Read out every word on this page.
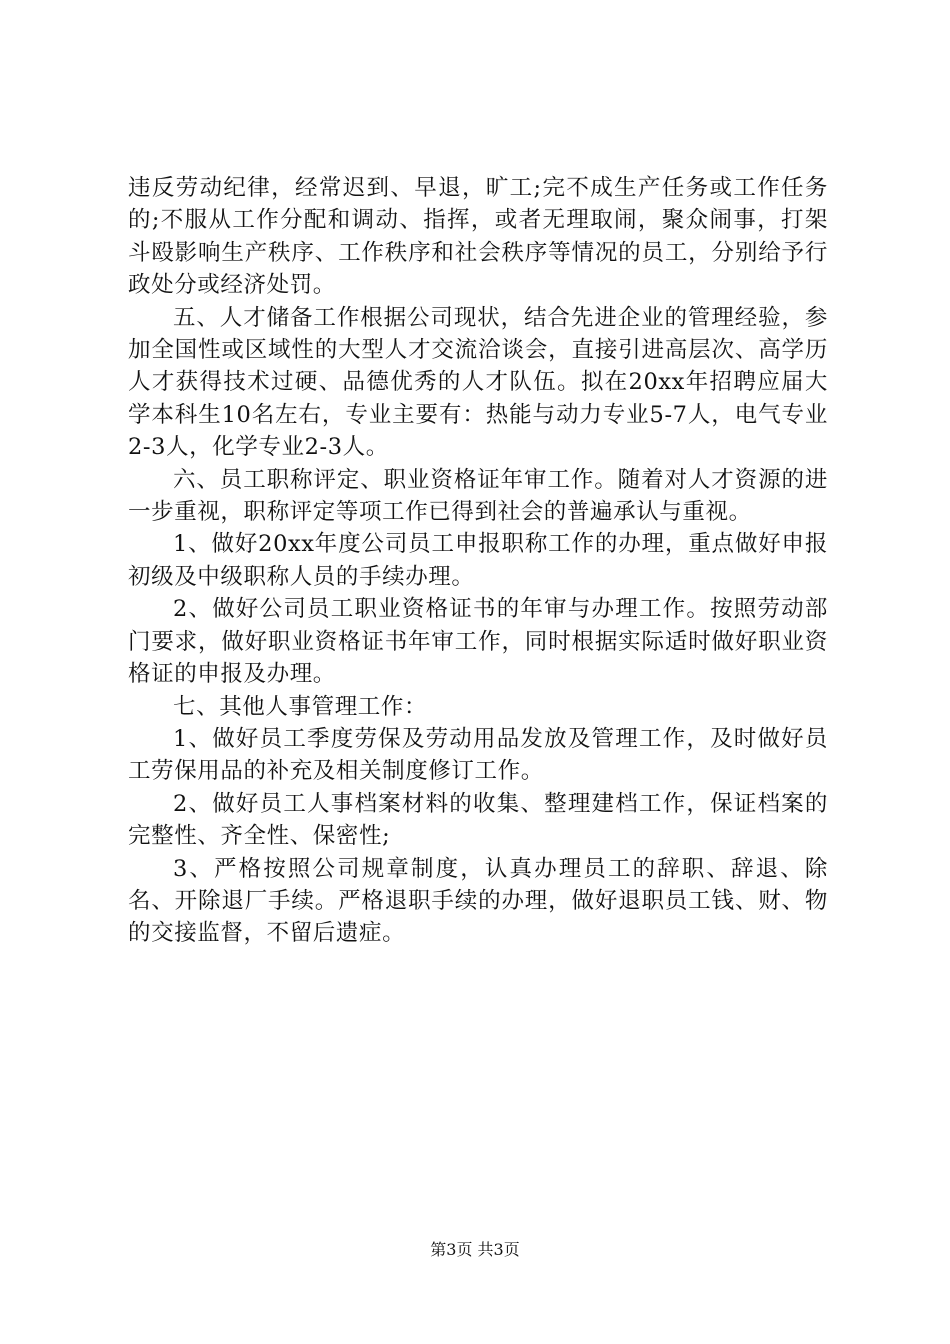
违反劳动纪律，经常迟到、早退，旷工;完不成生产任务或工作任务的;不服从工作分配和调动、指挥，或者无理取闹，聚众闹事，打架斗殴影响生产秩序、工作秩序和社会秩序等情况的员工，分别给予行政处分或经济处罚。

五、人才储备工作根据公司现状，结合先进企业的管理经验，参加全国性或区域性的大型人才交流洽谈会，直接引进高层次、高学历人才获得技术过硬、品德优秀的人才队伍。拟在20xx年招聘应届大学本科生10名左右，专业主要有：热能与动力专业5-7人，电气专业2-3人，化学专业2-3人。

六、员工职称评定、职业资格证年审工作。随着对人才资源的进一步重视，职称评定等项工作已得到社会的普遍承认与重视。

1、做好20xx年度公司员工申报职称工作的办理，重点做好申报初级及中级职称人员的手续办理。

2、做好公司员工职业资格证书的年审与办理工作。按照劳动部门要求，做好职业资格证书年审工作，同时根据实际适时做好职业资格证的申报及办理。

七、其他人事管理工作：

1、做好员工季度劳保及劳动用品发放及管理工作，及时做好员工劳保用品的补充及相关制度修订工作。

2、做好员工人事档案材料的收集、整理建档工作，保证档案的完整性、齐全性、保密性;

3、严格按照公司规章制度，认真办理员工的辞职、辞退、除名、开除退厂手续。严格退职手续的办理，做好退职员工钱、财、物的交接监督，不留后遗症。

第3页 共3页
